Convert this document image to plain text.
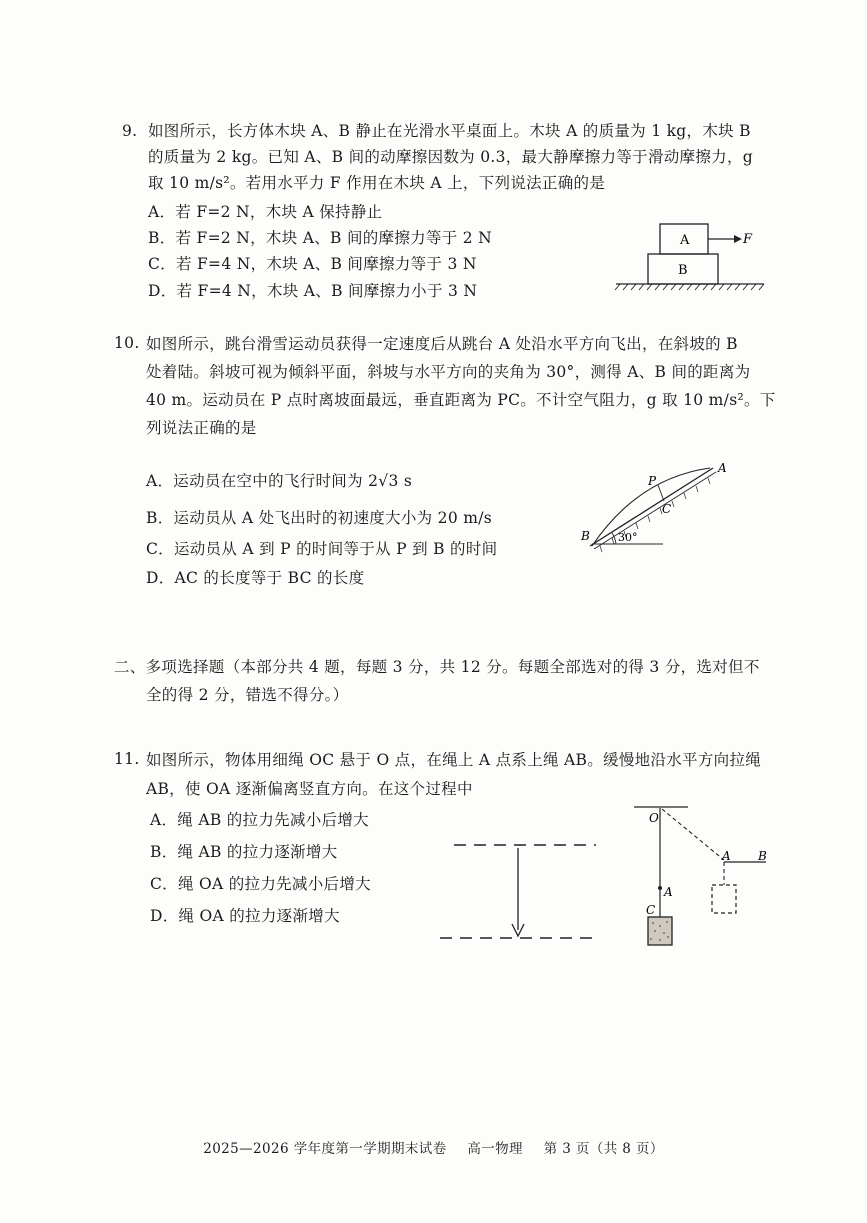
9. 如图所示，长方体木块 A、B 静止在光滑水平桌面上。木块 A 的质量为 1 kg，木块 B

的质量为 2 kg。已知 A、B 间的动摩擦因数为 0.3，最大静摩擦力等于滑动摩擦力，g

取 10 m/s²。若用水平力 F 作用在木块 A 上，下列说法正确的是

A．若 F=2 N，木块 A 保持静止
B．若 F=2 N，木块 A、B 间的摩擦力等于 2 N
C．若 F=4 N，木块 A、B 间摩擦力等于 3 N
D．若 F=4 N，木块 A、B 间摩擦力小于 3 N
A	F
B
10. 如图所示，跳台滑雪运动员获得一定速度后从跳台 A 处沿水平方向飞出，在斜坡的 B

处着陆。斜坡可视为倾斜平面，斜坡与水平方向的夹角为 30°，测得 A、B 间的距离为

40 m。运动员在 P 点时离坡面最远，垂直距离为 PC。不计空气阻力，g 取 10 m/s²。下

列说法正确的是

A．运动员在空中的飞行时间为 2√3 s
B．运动员从 A 处飞出时的初速度大小为 20 m/s
C．运动员从 A 到 P 的时间等于从 P 到 B 的时间
D．AC 的长度等于 BC 的长度
P
C
B
A
30°

二、多项选择题（本部分共 4 题，每题 3 分，共 12 分。每题全部选对的得 3 分，选对但不

全的得 2 分，错选不得分。）

11. 如图所示，物体用细绳 OC 悬于 O 点，在绳上 A 点系上绳 AB。缓慢地沿水平方向拉绳

AB，使 OA 逐渐偏离竖直方向。在这个过程中

A．绳 AB 的拉力先减小后增大
B．绳 AB 的拉力逐渐增大
C．绳 OA 的拉力先减小后增大
D．绳 OA 的拉力逐渐增大
O
A
C
A B
2025—2026 学年度第一学期期末试卷 高一物理 第 3 页（共 8 页）
